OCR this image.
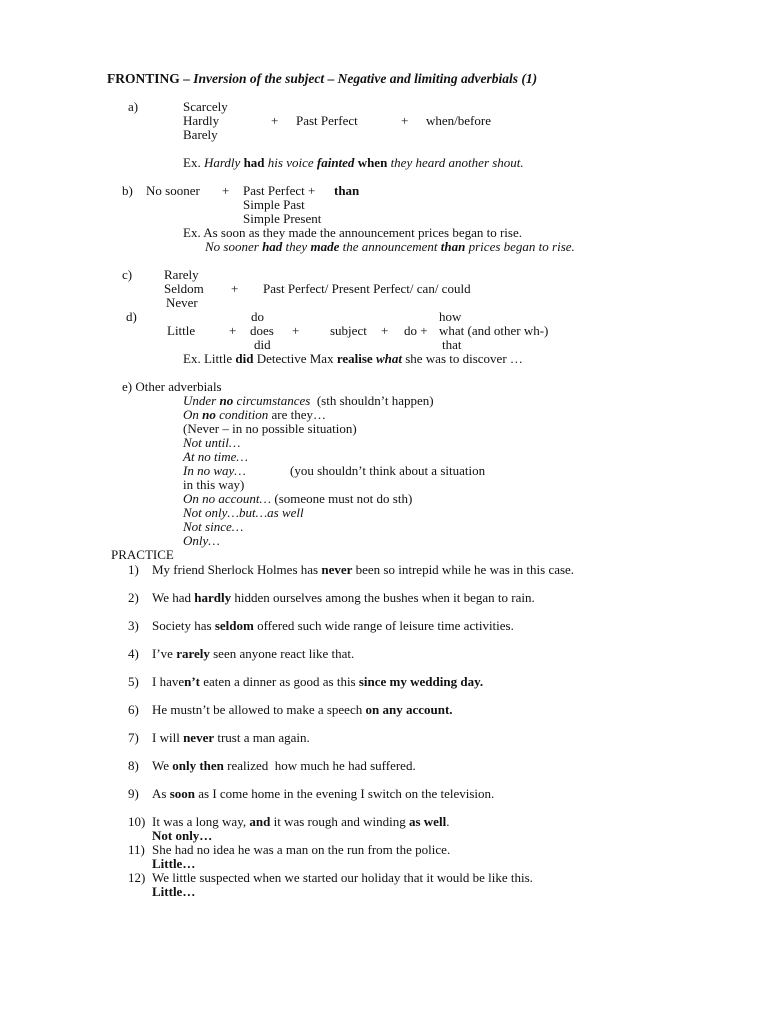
FRONTING – Inversion of the subject – Negative and limiting adverbials (1)
a)	Scarcely
Hardly
Barely
+ Past Perfect	+ when/before
Ex. Hardly had his voice fainted when they heard another shout.
b) No sooner + Past Perfect + than
Simple Past
Simple Present
Ex. As soon as they made the announcement prices began to rise.
No sooner had they made the announcement than prices began to rise.
c) Rarely
Seldom
Never
+ Past Perfect/ Present Perfect/ can/ could
d)	do	how
Little	+ does + subject + do + what (and other wh-)
did	that
Ex. Little did Detective Max realise what she was to discover …
e) Other adverbials
Under no circumstances  (sth shouldn’t happen)
On no condition are they…
(Never – in no possible situation)
Not until…
At no time…
In no way…	(you shouldn’t think about a situation
in this way)
On no account… (someone must not do sth)
Not only…but…as well
Not since…
Only…
PRACTICE
1) My friend Sherlock Holmes has never been so intrepid while he was in this case.
2) We had hardly hidden ourselves among the bushes when it began to rain.
3) Society has seldom offered such wide range of leisure time activities.
4) I’ve rarely seen anyone react like that.
5) I haven’t eaten a dinner as good as this since my wedding day.
6) He mustn’t be allowed to make a speech on any account.
7) I will never trust a man again.
8) We only then realized  how much he had suffered.
9) As soon as I come home in the evening I switch on the television.
10) It was a long way, and it was rough and winding as well.
Not only…
11) She had no idea he was a man on the run from the police.
Little…
12) We little suspected when we started our holiday that it would be like this.
Little…
